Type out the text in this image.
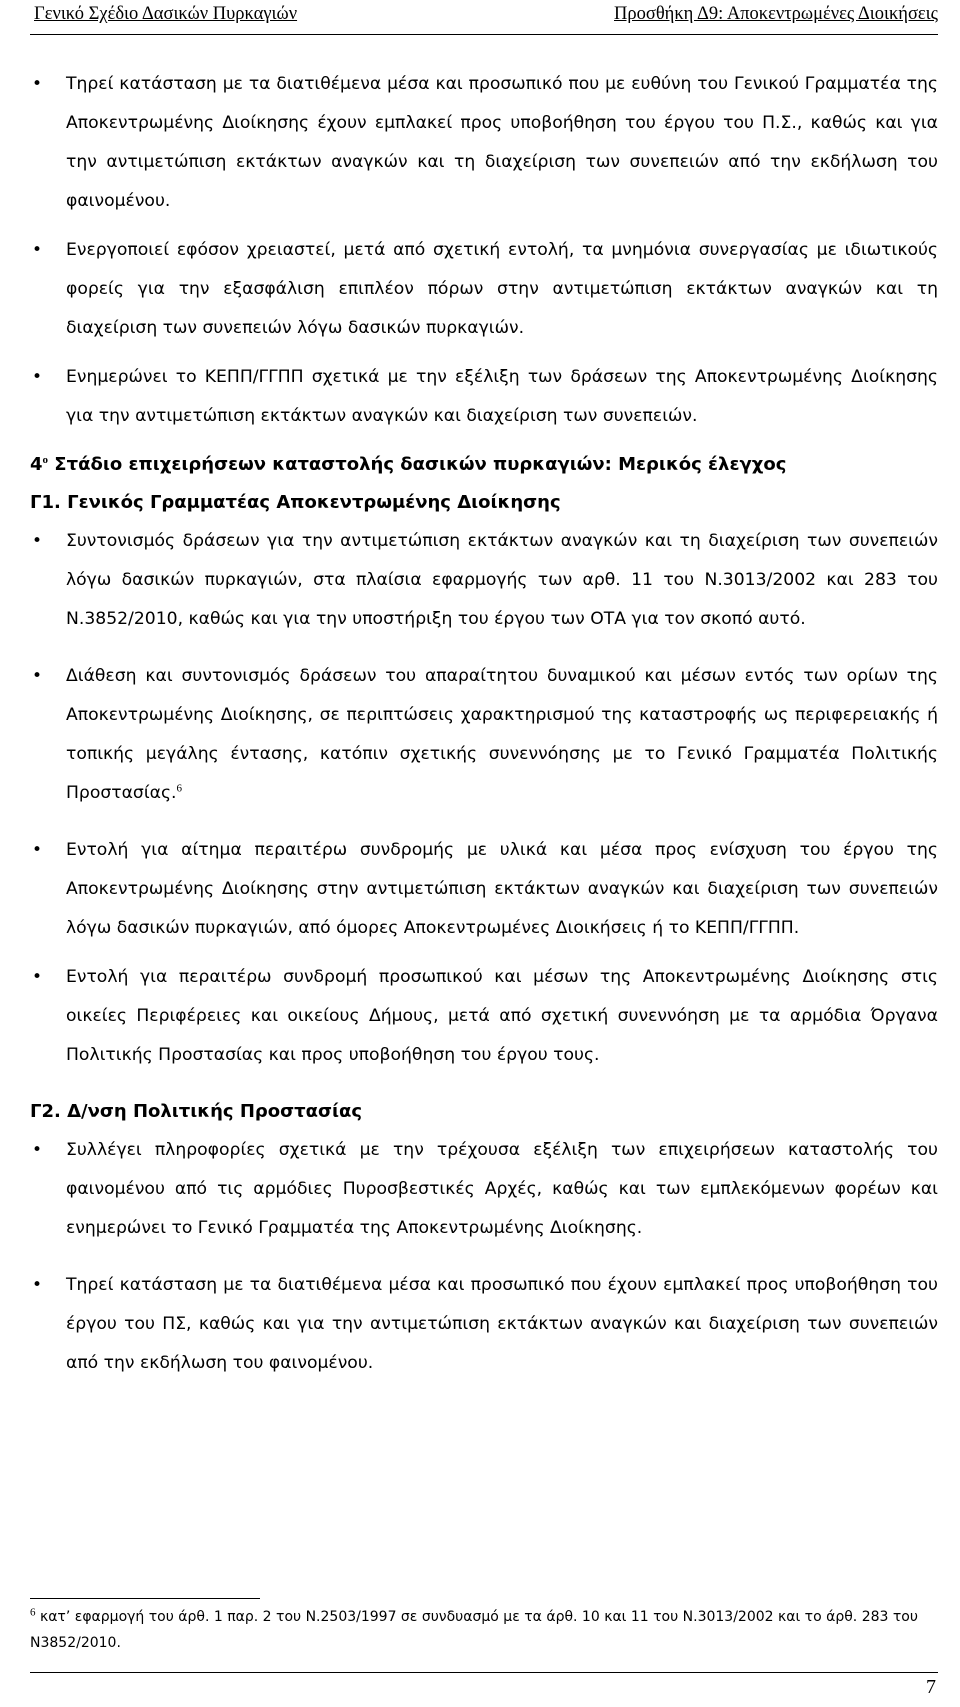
Γενικό Σχέδιο Δασικών Πυρκαγιών	Προσθήκη Δ9: Αποκεντρωμένες Διοικήσεις
• Τηρεί κατάσταση με τα διατιθέμενα μέσα και προσωπικό που με ευθύνη του Γενικού Γραμματέα της Αποκεντρωμένης Διοίκησης έχουν εμπλακεί προς υποβοήθηση του έργου του Π.Σ., καθώς και για την αντιμετώπιση εκτάκτων αναγκών και τη διαχείριση των συνεπειών από την εκδήλωση του φαινομένου.

• Ενεργοποιεί εφόσον χρειαστεί, μετά από σχετική εντολή, τα μνημόνια συνεργασίας με ιδιωτικούς φορείς για την εξασφάλιση επιπλέον πόρων στην αντιμετώπιση εκτάκτων αναγκών και τη διαχείριση των συνεπειών λόγω δασικών πυρκαγιών.

• Ενημερώνει το ΚΕΠΠ/ΓΓΠΠ σχετικά με την εξέλιξη των δράσεων της Αποκεντρωμένης Διοίκησης για την αντιμετώπιση εκτάκτων αναγκών και διαχείριση των συνεπειών.

$4^o$ Στάδιο επιχειρήσεων καταστολής δασικών πυρκαγιών: Μερικός έλεγχος
Γ1. Γενικός Γραμματέας Αποκεντρωμένης Διοίκησης
• Συντονισμός δράσεων για την αντιμετώπιση εκτάκτων αναγκών και τη διαχείριση των συνεπειών λόγω δασικών πυρκαγιών, στα πλαίσια εφαρμογής των αρθ. 11 του Ν.3013/2002 και 283 του Ν.3852/2010, καθώς και για την υποστήριξη του έργου των ΟΤΑ για τον σκοπό αυτό.

• Διάθεση και συντονισμός δράσεων του απαραίτητου δυναμικού και μέσων εντός των ορίων της Αποκεντρωμένης Διοίκησης, σε περιπτώσεις χαρακτηρισμού της καταστροφής ως περιφερειακής ή τοπικής μεγάλης έντασης, κατόπιν σχετικής συνεννόησης με το Γενικό Γραμματέα Πολιτικής Προστασίας.$^6$

• Εντολή για αίτημα περαιτέρω συνδρομής με υλικά και μέσα προς ενίσχυση του έργου της Αποκεντρωμένης Διοίκησης στην αντιμετώπιση εκτάκτων αναγκών και διαχείριση των συνεπειών λόγω δασικών πυρκαγιών, από όμορες Αποκεντρωμένες Διοικήσεις ή το ΚΕΠΠ/ΓΓΠΠ.

• Εντολή για περαιτέρω συνδρομή προσωπικού και μέσων της Αποκεντρωμένης Διοίκησης στις οικείες Περιφέρειες και οικείους Δήμους, μετά από σχετική συνεννόηση με τα αρμόδια Όργανα Πολιτικής Προστασίας και προς υποβοήθηση του έργου τους.

Γ2. Δ/νση Πολιτικής Προστασίας
• Συλλέγει πληροφορίες σχετικά με την τρέχουσα εξέλιξη των επιχειρήσεων καταστολής του φαινομένου από τις αρμόδιες Πυροσβεστικές Αρχές, καθώς και των εμπλεκόμενων φορέων και ενημερώνει το Γενικό Γραμματέα της Αποκεντρωμένης Διοίκησης.

• Τηρεί κατάσταση με τα διατιθέμενα μέσα και προσωπικό που έχουν εμπλακεί προς υποβοήθηση του έργου του ΠΣ, καθώς και για την αντιμετώπιση εκτάκτων αναγκών και διαχείριση των συνεπειών από την εκδήλωση του φαινομένου.

$^6$ κατ’ εφαρμογή του άρθ. 1 παρ. 2 του Ν.2503/1997 σε συνδυασμό με τα άρθ. 10 και 11 του Ν.3013/2002 και το άρθ. 283 του Ν3852/2010.
7
